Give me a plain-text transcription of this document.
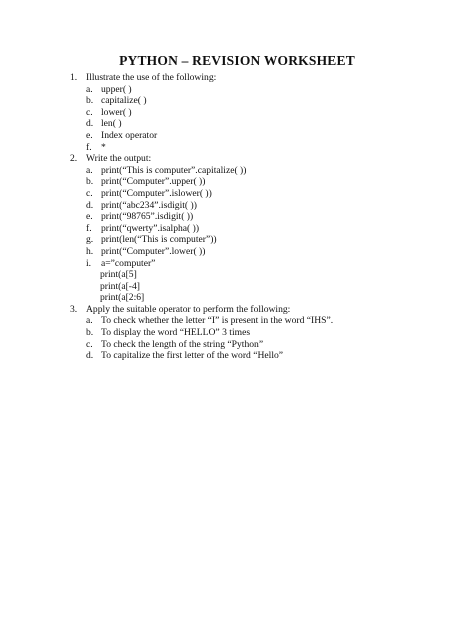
PYTHON – REVISION WORKSHEET
1. Illustrate the use of the following:
a. upper( )
b. capitalize( )
c. lower( )
d. len( )
e. Index operator
f. *
2. Write the output:
a. print(“This is computer”.capitalize( ))
b. print(“Computer”.upper( ))
c. print(“Computer”.islower( ))
d. print(“abc234”.isdigit( ))
e. print(“98765”.isdigit( ))
f. print(“qwerty”.isalpha( ))
g. print(len(“This is computer”))
h. print(“Computer”.lower( ))
i.	a=”computer”
print(a[5]
print(a[-4]
print(a[2:6]
3. Apply the suitable operator to perform the following:
a. To check whether the letter “I” is present in the word “IHS”.
b. To display the word “HELLO” 3 times
c. To check the length of the string “Python”
d. To capitalize the first letter of the word “Hello”
